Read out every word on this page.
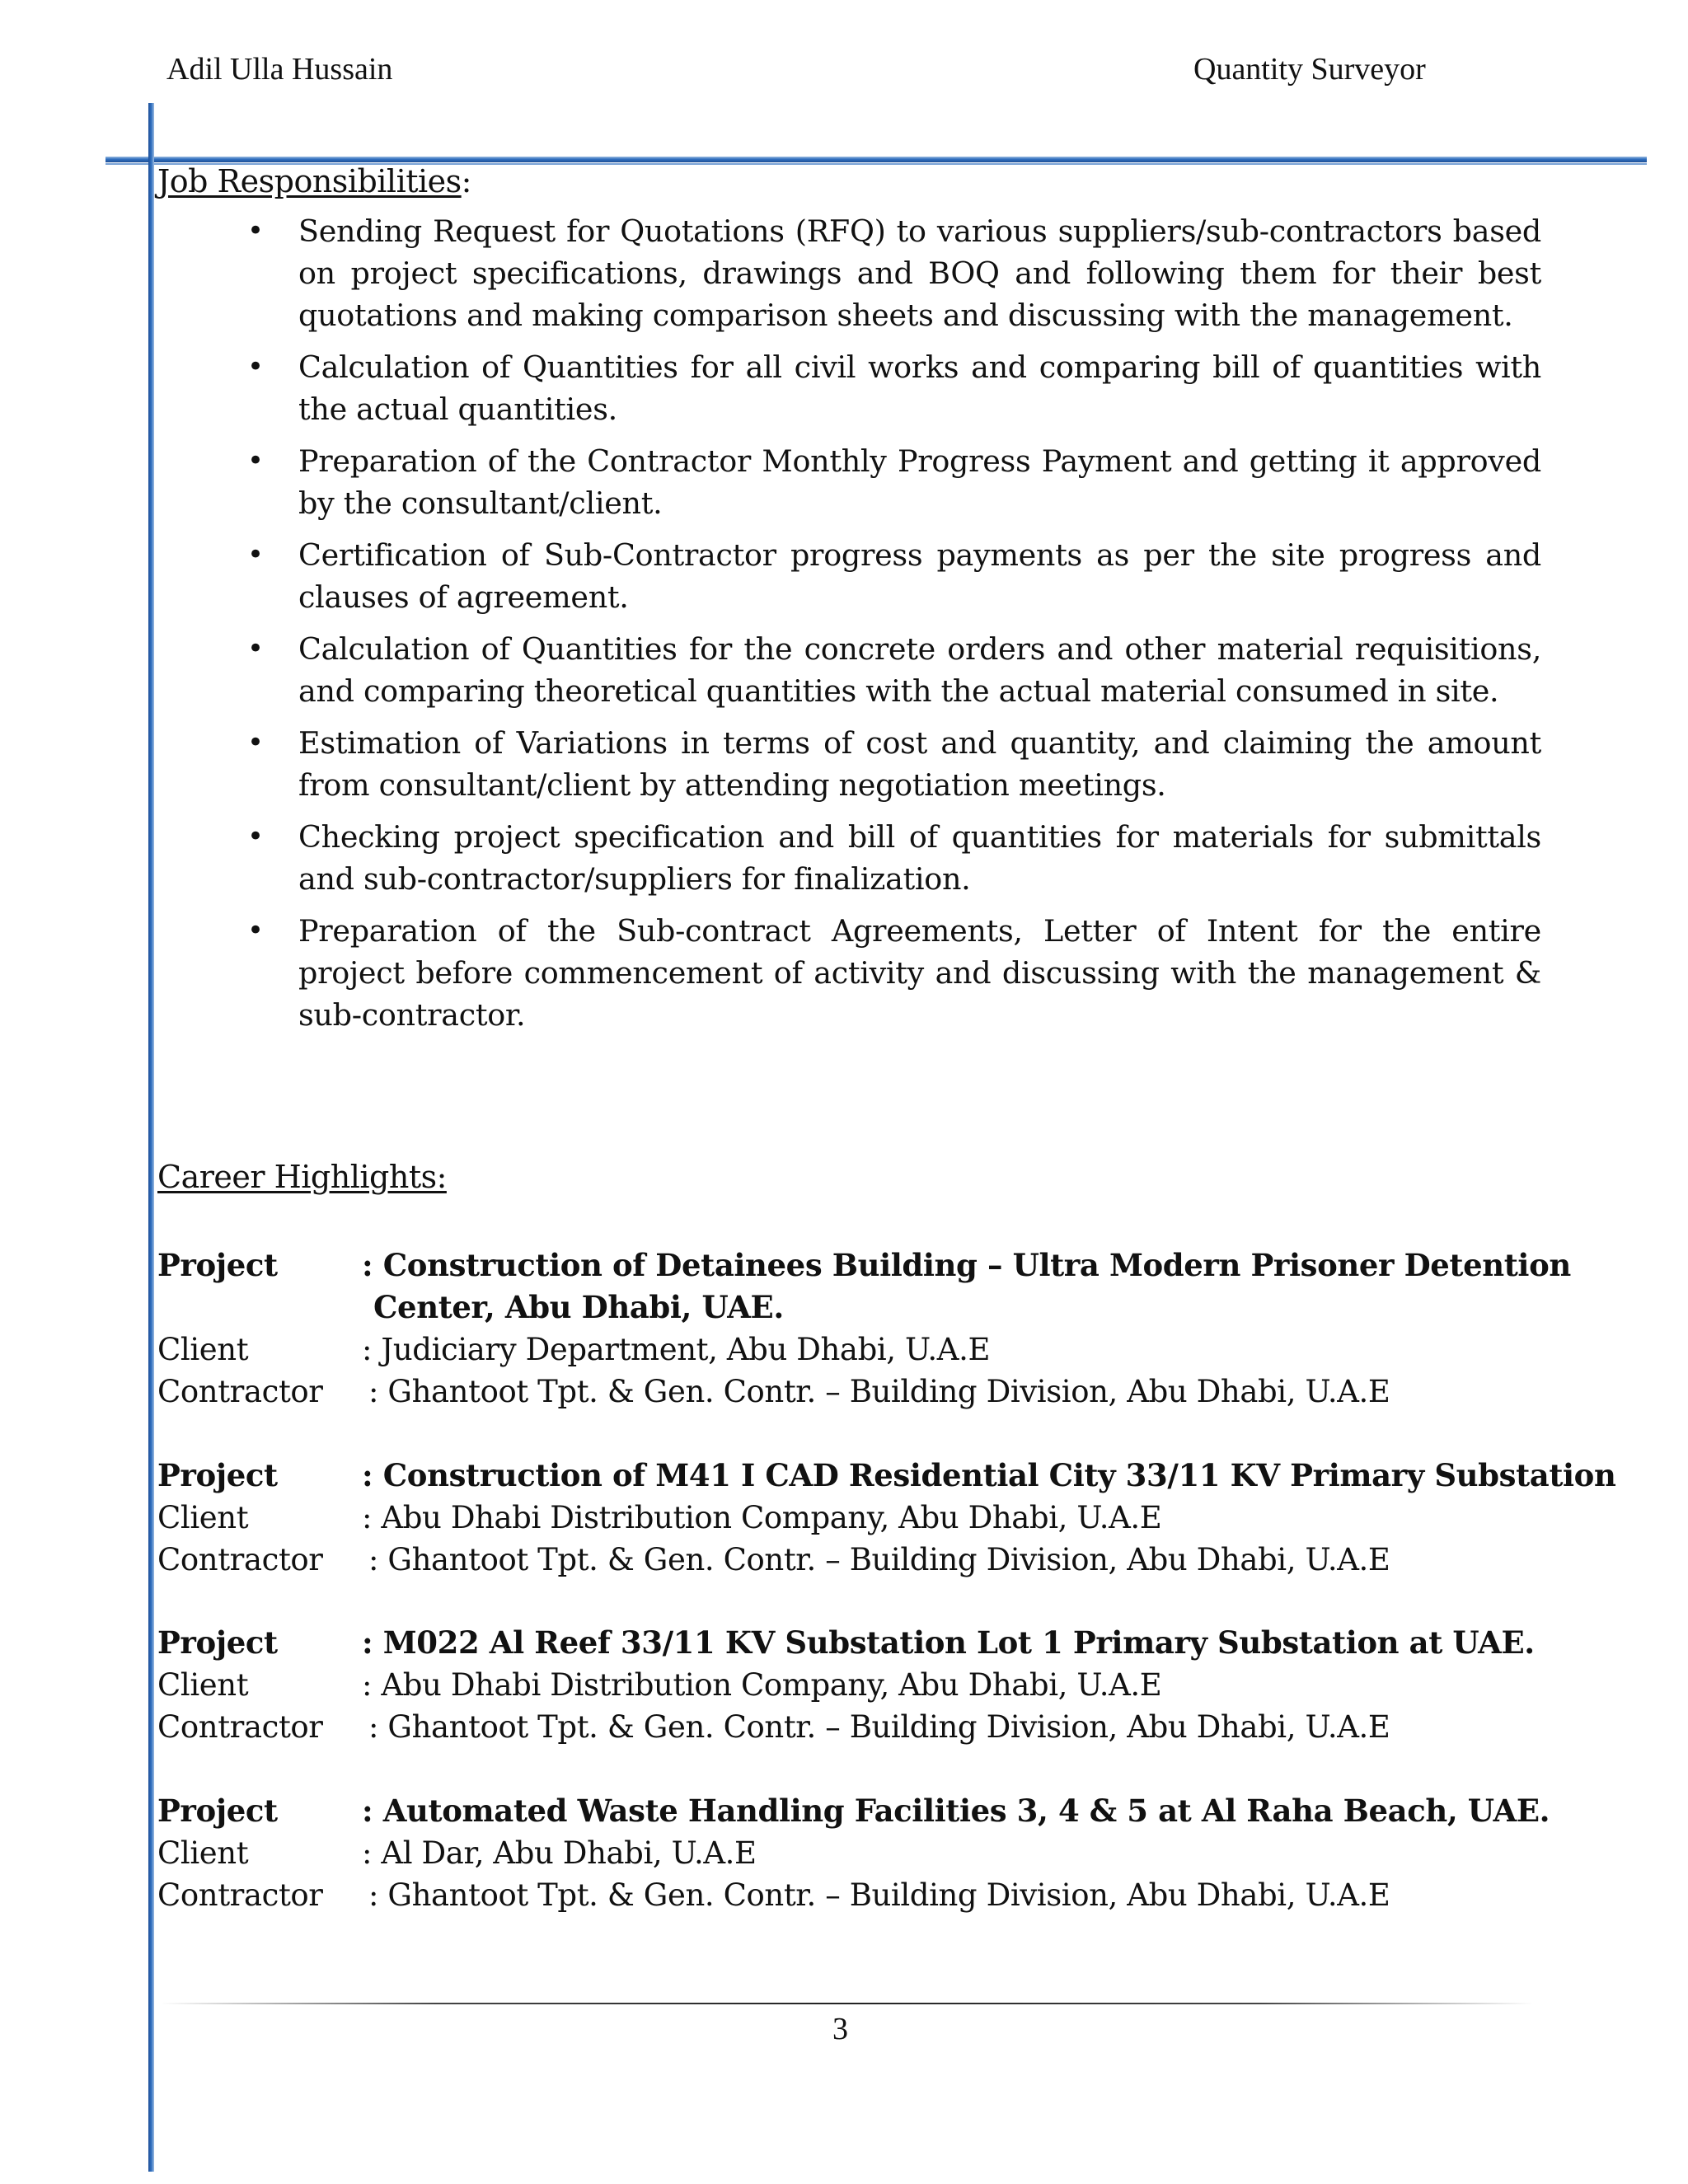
Adil Ulla Hussain	Quantity Surveyor
Job Responsibilities:
• Sending Request for Quotations (RFQ) to various suppliers/sub-contractors based on project specifications, drawings and BOQ and following them for their best quotations and making comparison sheets and discussing with the management.
• Calculation of Quantities for all civil works and comparing bill of quantities with the actual quantities.
• Preparation of the Contractor Monthly Progress Payment and getting it approved by the consultant/client.
• Certification of Sub-Contractor progress payments as per the site progress and clauses of agreement.
• Calculation of Quantities for the concrete orders and other material requisitions, and comparing theoretical quantities with the actual material consumed in site.
• Estimation of Variations in terms of cost and quantity, and claiming the amount from consultant/client by attending negotiation meetings.
• Checking project specification and bill of quantities for materials for submittals and sub-contractor/suppliers for finalization.
• Preparation of the Sub-contract Agreements, Letter of Intent for the entire project before commencement of activity and discussing with the management & sub-contractor.
Career Highlights:
Project	: Construction of Detainees Building – Ultra Modern Prisoner Detention
Center, Abu Dhabi, UAE.
Client	: Judiciary Department, Abu Dhabi, U.A.E
Contractor : Ghantoot Tpt. & Gen. Contr. – Building Division, Abu Dhabi, U.A.E
Project	: Construction of M41 I CAD Residential City 33/11 KV Primary Substation
Client	: Abu Dhabi Distribution Company, Abu Dhabi, U.A.E
Contractor : Ghantoot Tpt. & Gen. Contr. – Building Division, Abu Dhabi, U.A.E
Project	: M022 Al Reef 33/11 KV Substation Lot 1 Primary Substation at UAE.
Client	: Abu Dhabi Distribution Company, Abu Dhabi, U.A.E
Contractor : Ghantoot Tpt. & Gen. Contr. – Building Division, Abu Dhabi, U.A.E
Project	: Automated Waste Handling Facilities 3, 4 & 5 at Al Raha Beach, UAE.
Client	: Al Dar, Abu Dhabi, U.A.E
Contractor : Ghantoot Tpt. & Gen. Contr. – Building Division, Abu Dhabi, U.A.E
3
